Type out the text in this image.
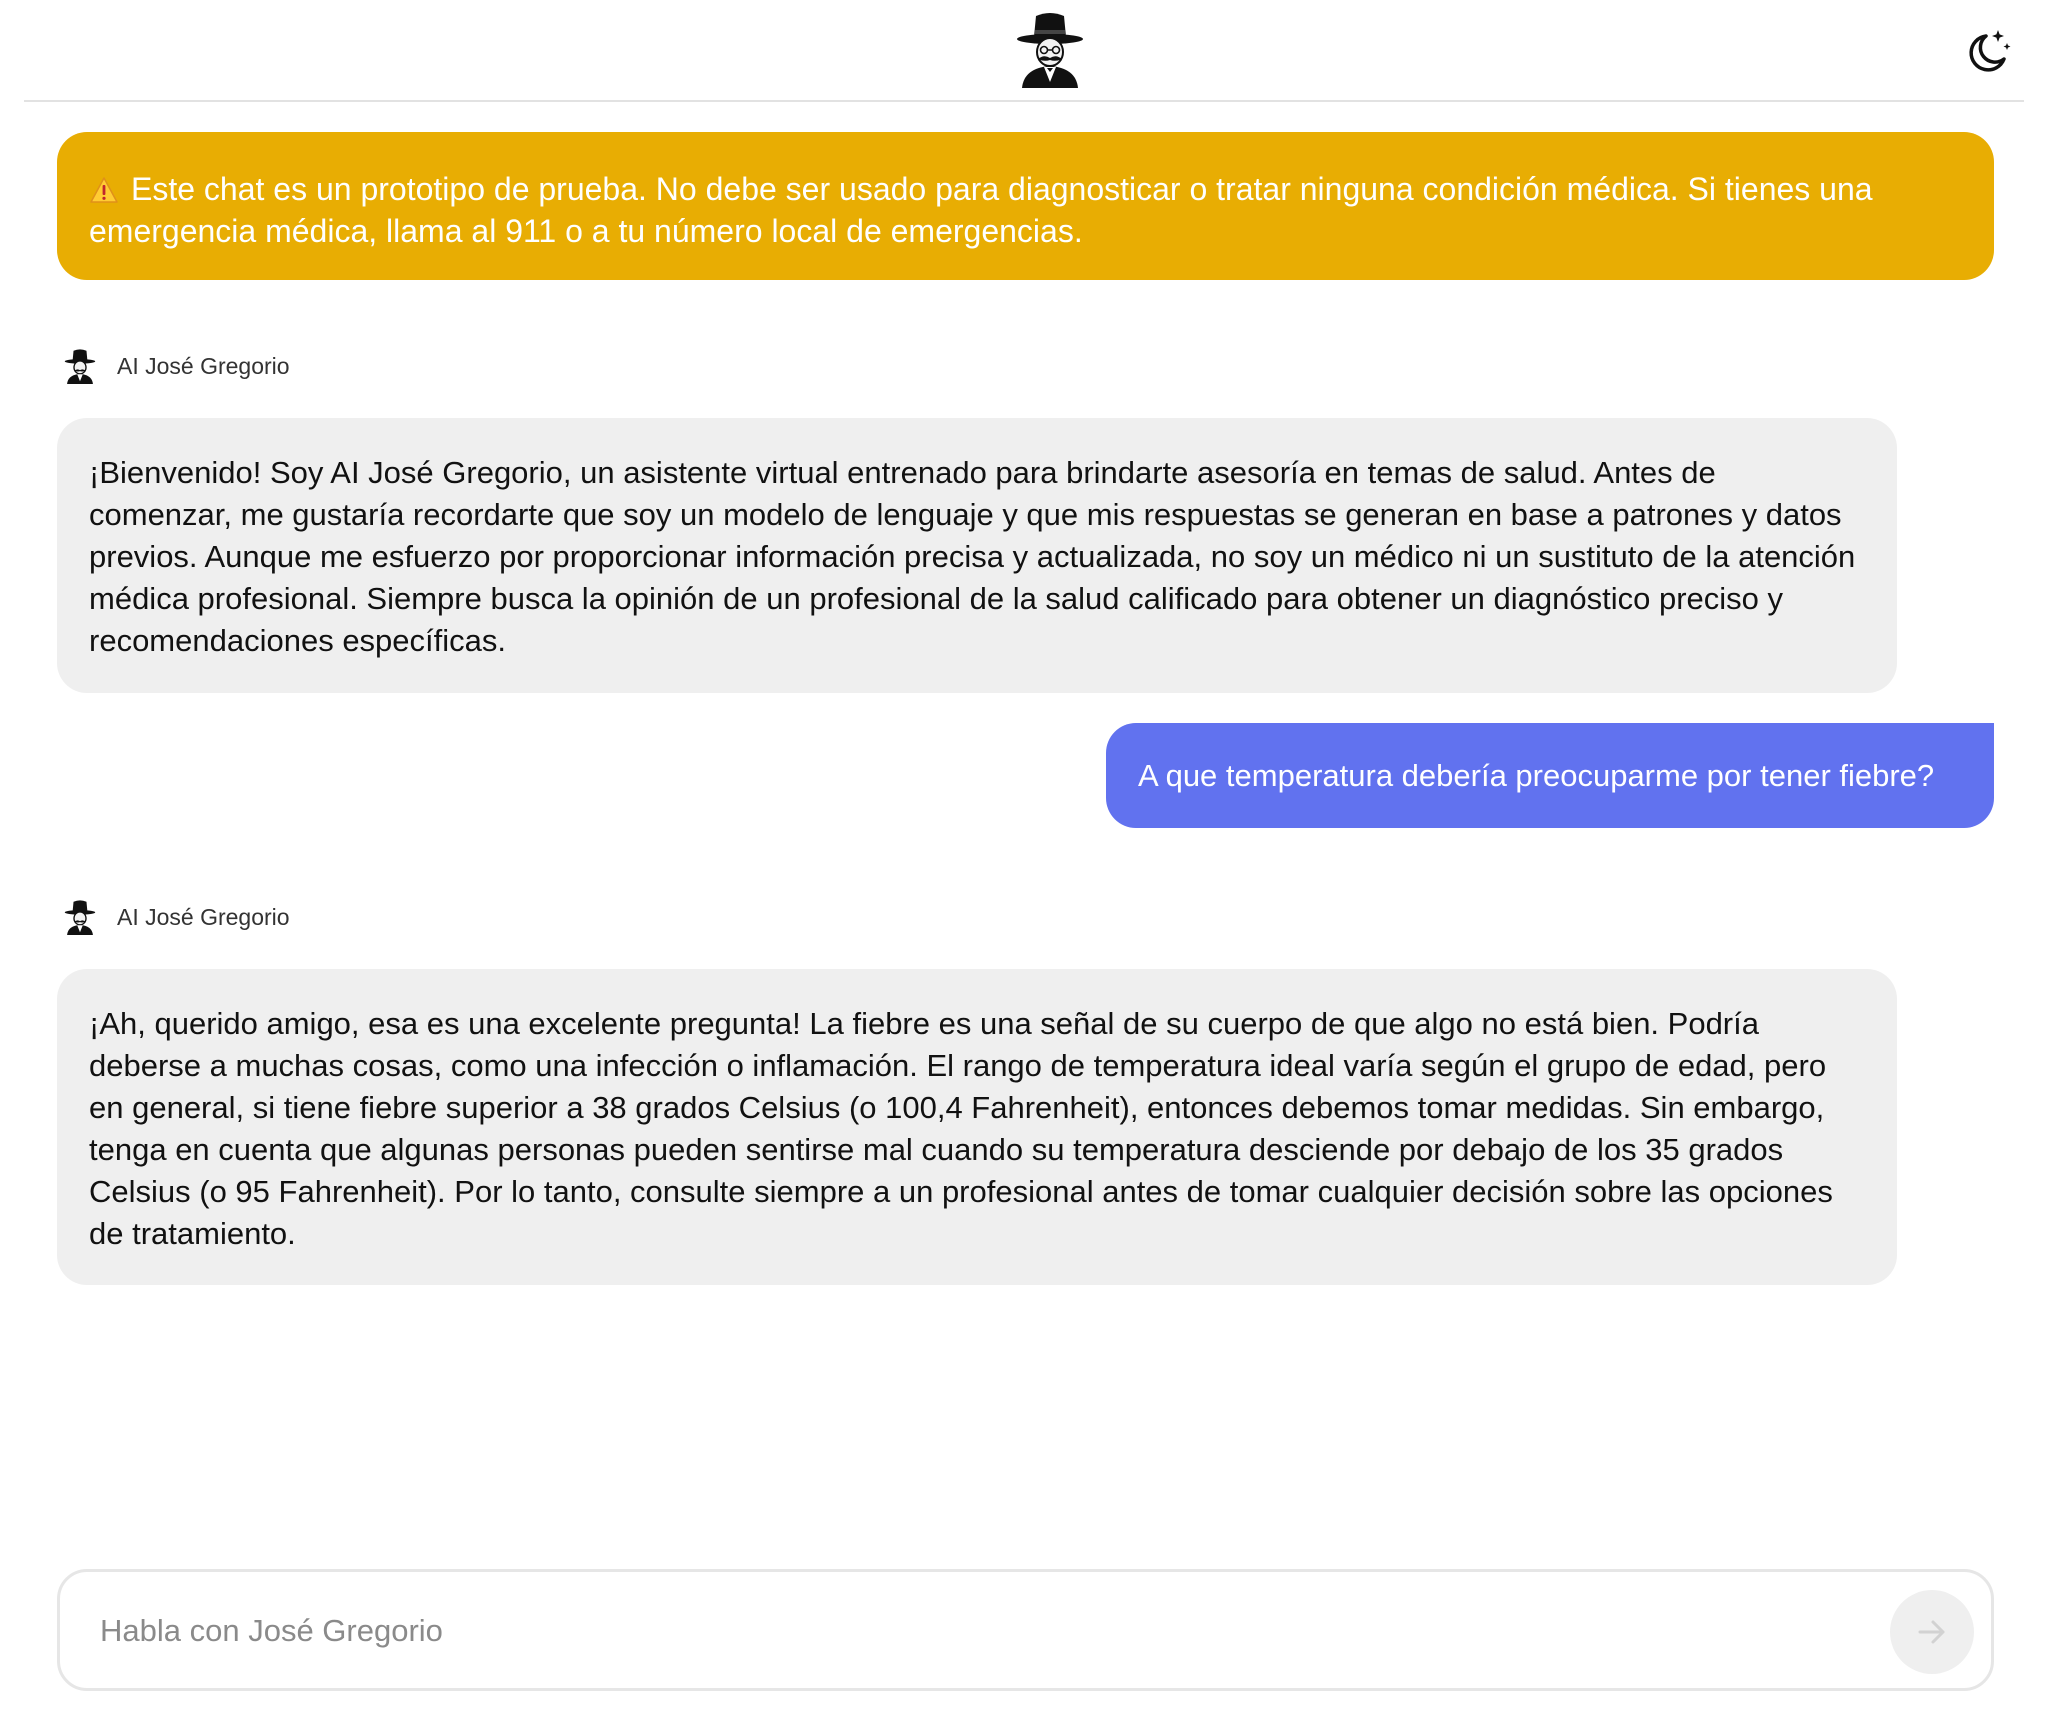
Este chat es un prototipo de prueba. No debe ser usado para diagnosticar o tratar ninguna condición médica. Si tienes una emergencia médica, llama al 911 o a tu número local de emergencias.
AI José Gregorio
¡Bienvenido! Soy AI José Gregorio, un asistente virtual entrenado para brindarte asesoría en temas de salud. Antes de comenzar, me gustaría recordarte que soy un modelo de lenguaje y que mis respuestas se generan en base a patrones y datos previos. Aunque me esfuerzo por proporcionar información precisa y actualizada, no soy un médico ni un sustituto de la atención médica profesional. Siempre busca la opinión de un profesional de la salud calificado para obtener un diagnóstico preciso y recomendaciones específicas.
A que temperatura debería preocuparme por tener fiebre?
AI José Gregorio
¡Ah, querido amigo, esa es una excelente pregunta! La fiebre es una señal de su cuerpo de que algo no está bien. Podría deberse a muchas cosas, como una infección o inflamación. El rango de temperatura ideal varía según el grupo de edad, pero en general, si tiene fiebre superior a 38 grados Celsius (o 100,4 Fahrenheit), entonces debemos tomar medidas. Sin embargo, tenga en cuenta que algunas personas pueden sentirse mal cuando su temperatura desciende por debajo de los 35 grados Celsius (o 95 Fahrenheit). Por lo tanto, consulte siempre a un profesional antes de tomar cualquier decisión sobre las opciones de tratamiento.
Habla con José Gregorio
